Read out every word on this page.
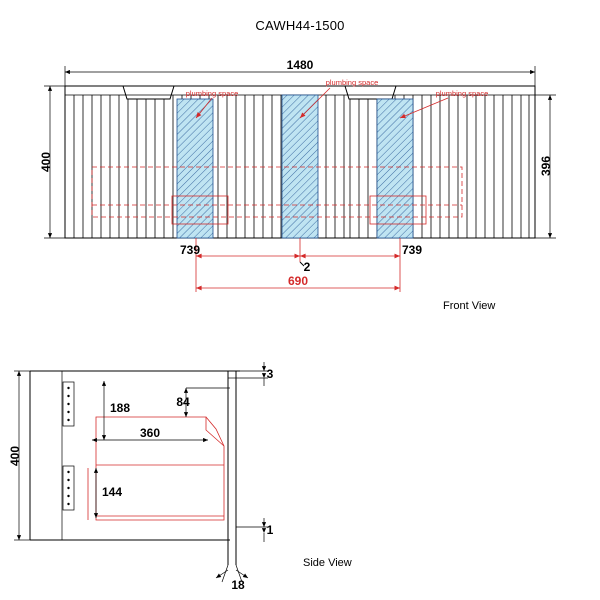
CAWH44-1500
1480
400	396
plumbing space
plumbing space
plumbing space
739	739
2
690
400
188
360
84
144
3
1
18
Front View
Side View
